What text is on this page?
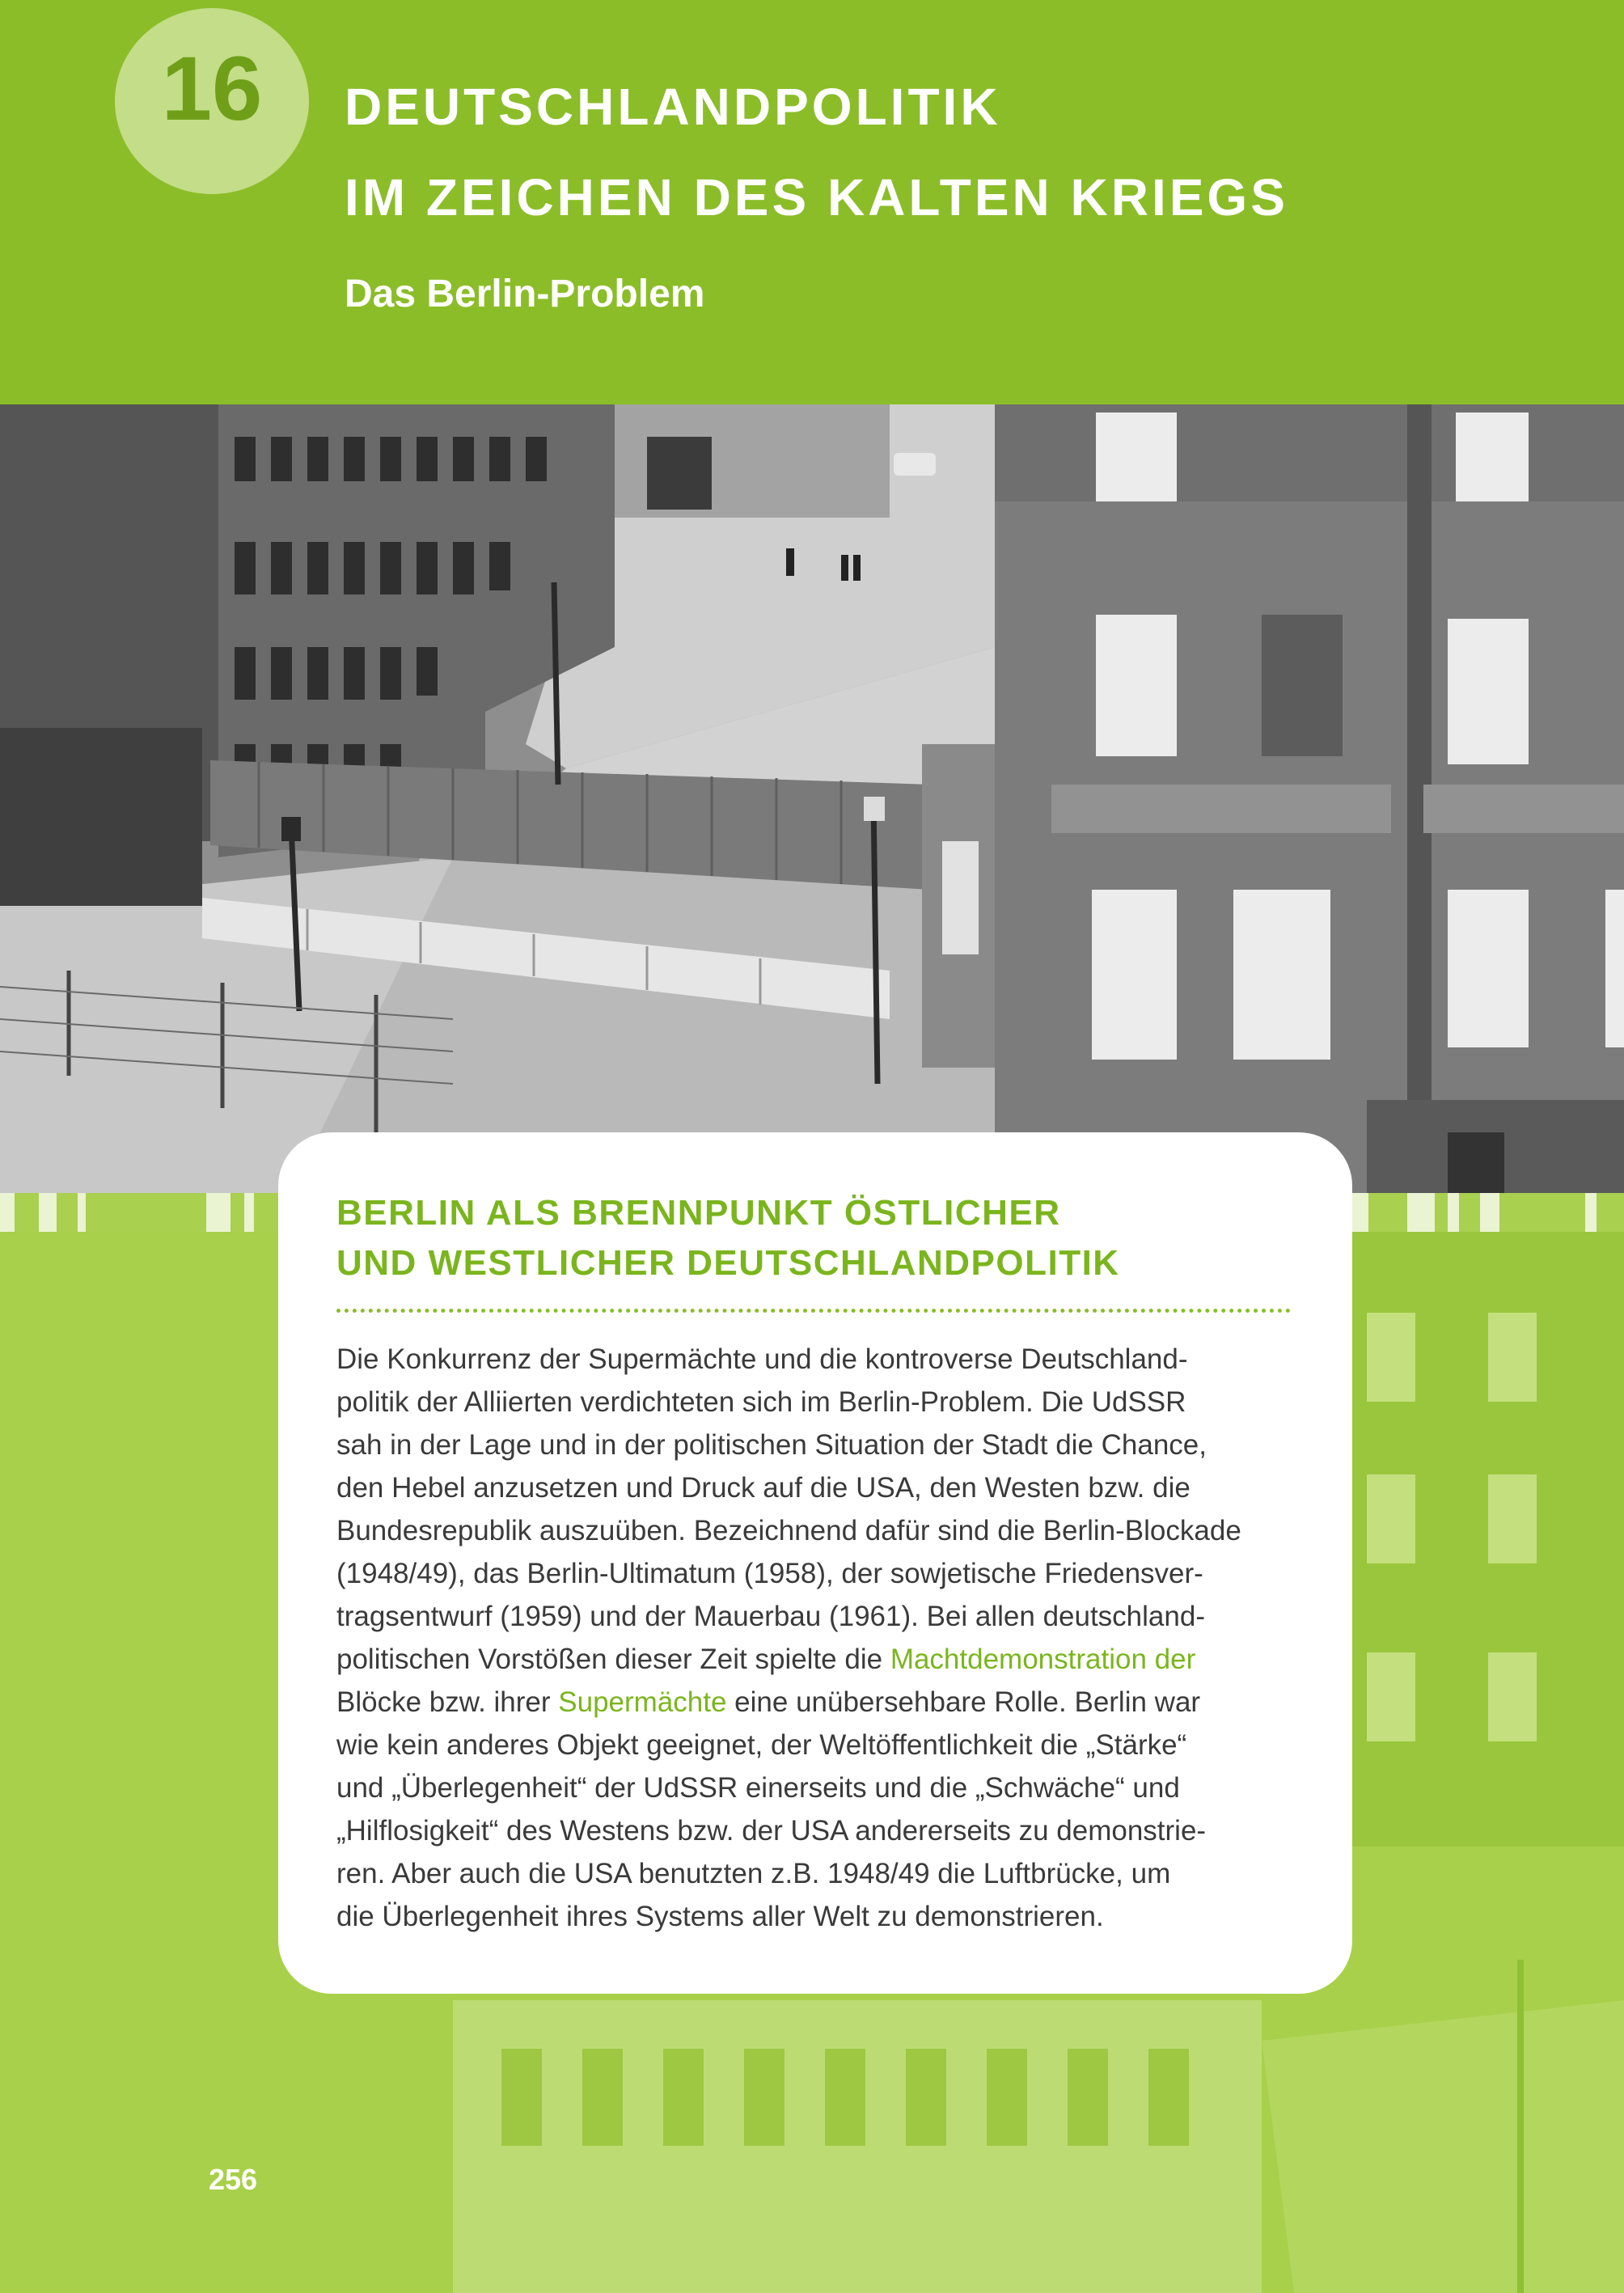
16	DEUTSCHLANDPOLITIK
IM ZEICHEN DES KALTEN KRIEGS
Das Berlin-Problem
BERLIN ALS BRENNPUNKT ÖSTLICHER
UND WESTLICHER DEUTSCHLANDPOLITIK
Die Konkurrenz der Supermächte und die kontroverse Deutschland-
politik der Alliierten verdichteten sich im Berlin-Problem. Die UdSSR
sah in der Lage und in der politischen Situation der Stadt die Chance,
den Hebel anzusetzen und Druck auf die USA, den Westen bzw. die
Bundesrepublik auszuüben. Bezeichnend dafür sind die Berlin-Blockade
(1948/49), das Berlin-Ultimatum (1958), der sowjetische Friedensver-
tragsentwurf (1959) und der Mauerbau (1961). Bei allen deutschland-
politischen Vorstößen dieser Zeit spielte die Machtdemonstration der
Blöcke bzw. ihrer Supermächte eine unübersehbare Rolle. Berlin war
wie kein anderes Objekt geeignet, der Weltöffentlichkeit die „Stärke“
und „Überlegenheit“ der UdSSR einerseits und die „Schwäche“ und
„Hilflosigkeit“ des Westens bzw. der USA andererseits zu demonstrie-
ren. Aber auch die USA benutzten z.B. 1948/49 die Luftbrücke, um
die Überlegenheit ihres Systems aller Welt zu demonstrieren.
256
